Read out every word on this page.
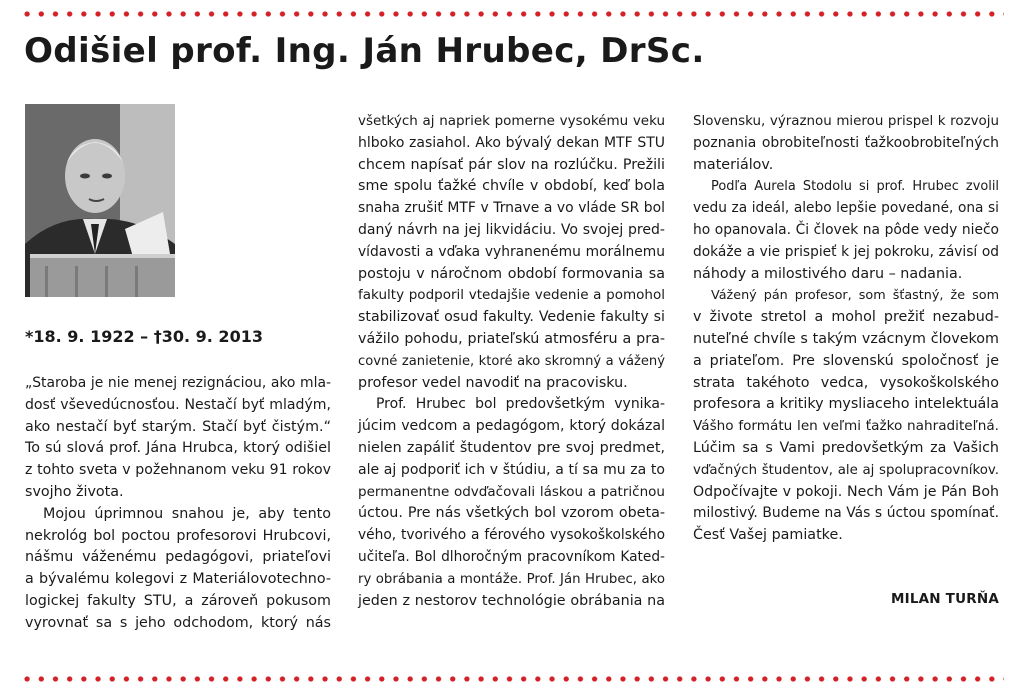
Odišiel prof. Ing. Ján Hrubec, DrSc.
*18. 9. 1922 – †30. 9. 2013
„Staroba je nie menej rezignáciou, ako mla-
dosť vševedúcnosťou. Nestačí byť mladým,
ako nestačí byť starým. Stačí byť čistým.“
To sú slová prof. Jána Hrubca, ktorý odišiel
z tohto sveta v požehnanom veku 91 rokov
svojho života.
Mojou úprimnou snahou je, aby tento
nekrológ bol poctou profesorovi Hrubcovi,
nášmu váženému pedagógovi, priateľovi
a bývalému kolegovi z Materiálovotechno-
logickej fakulty STU, a zároveň pokusom
vyrovnať sa s jeho odchodom, ktorý nás
všetkých aj napriek pomerne vysokému veku
hlboko zasiahol. Ako bývalý dekan MTF STU
chcem napísať pár slov na rozlúčku. Prežili
sme spolu ťažké chvíle v období, keď bola
snaha zrušiť MTF v Trnave a vo vláde SR bol
daný návrh na jej likvidáciu. Vo svojej pred-
vídavosti a vďaka vyhranenému morálnemu
postoju v náročnom období formovania sa
fakulty podporil vtedajšie vedenie a pomohol
stabilizovať osud fakulty. Vedenie fakulty si
vážilo pohodu, priateľskú atmosféru a pra-
covné zanietenie, ktoré ako skromný a vážený
profesor vedel navodiť na pracovisku.
Prof. Hrubec bol predovšetkým vynika-
júcim vedcom a pedagógom, ktorý dokázal
nielen zapáliť študentov pre svoj predmet,
ale aj podporiť ich v štúdiu, a tí sa mu za to
permanentne odvďačovali láskou a patričnou
úctou. Pre nás všetkých bol vzorom obeta-
vého, tvorivého a férového vysokoškolského
učiteľa. Bol dlhoročným pracovníkom Kated-
ry obrábania a montáže. Prof. Ján Hrubec, ako
jeden z nestorov technológie obrábania na
Slovensku, výraznou mierou prispel k rozvoju
poznania obrobiteľnosti ťažkoobrobiteľných
materiálov.
Podľa Aurela Stodolu si prof. Hrubec zvolil
vedu za ideál, alebo lepšie povedané, ona si
ho opanovala. Či človek na pôde vedy niečo
dokáže a vie prispieť k jej pokroku, závisí od
náhody a milostivého daru – nadania.
Vážený pán profesor, som šťastný, že som
v živote stretol a mohol prežiť nezabud-
nuteľné chvíle s takým vzácnym človekom
a priateľom. Pre slovenskú spoločnosť je
strata takéhoto vedca, vysokoškolského
profesora a kritiky mysliaceho intelektuála
Vášho formátu len veľmi ťažko nahraditeľná.
Lúčim sa s Vami predovšetkým za Vašich
vďačných študentov, ale aj spolupracovníkov.
Odpočívajte v pokoji. Nech Vám je Pán Boh
milostivý. Budeme na Vás s úctou spomínať.
Česť Vašej pamiatke.
MILAN TURŇA
